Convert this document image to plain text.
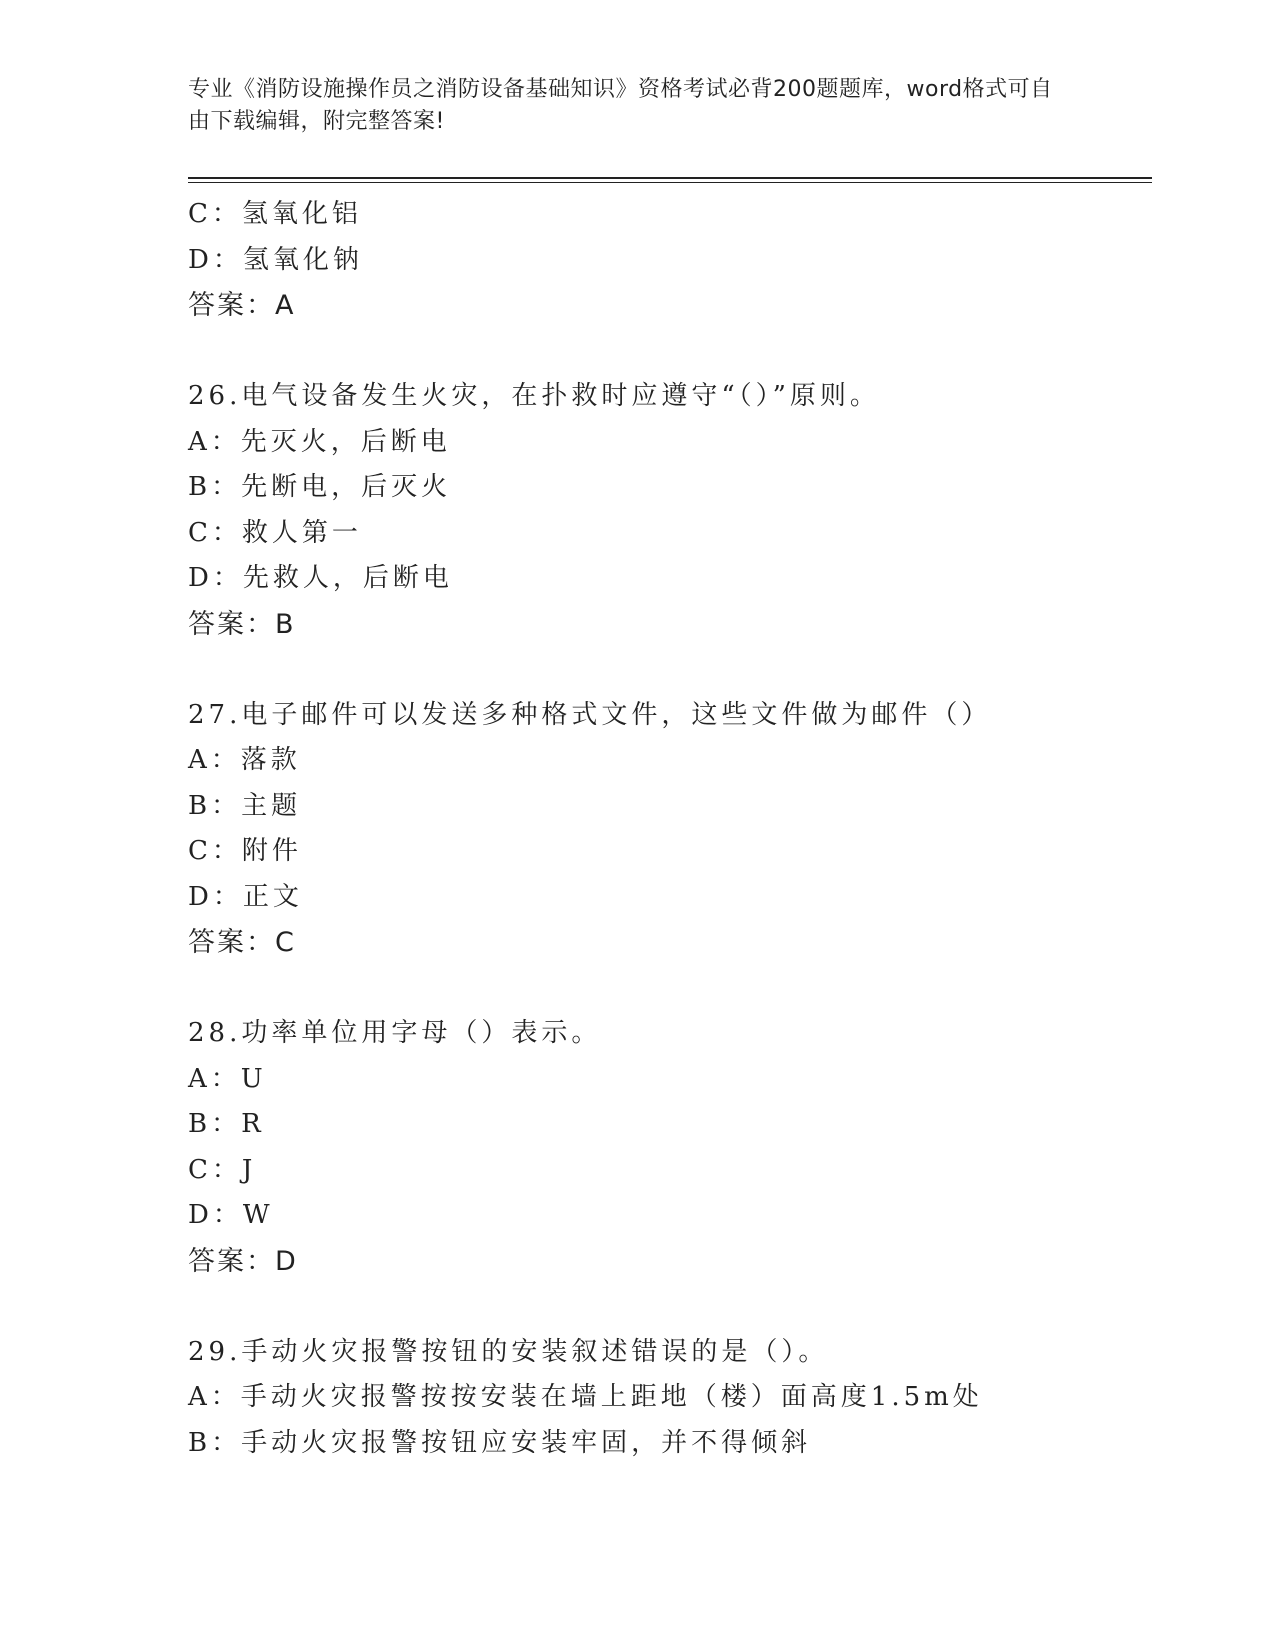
专业《消防设施操作员之消防设备基础知识》资格考试必背200题题库，word格式可自由下载编辑，附完整答案!
C：氢氧化铝
D：氢氧化钠
答案：A
26.电气设备发生火灾，在扑救时应遵守“（）”原则。
A：先灭火，后断电
B：先断电，后灭火
C：救人第一
D：先救人，后断电
答案：B
27.电子邮件可以发送多种格式文件，这些文件做为邮件（）
A：落款
B：主题
C：附件
D：正文
答案：C
28.功率单位用字母（）表示。
A：U
B：R
C：J
D：W
答案：D
29.手动火灾报警按钮的安装叙述错误的是（）。
A：手动火灾报警按按安装在墙上距地（楼）面高度1.5m处
B：手动火灾报警按钮应安装牢固，并不得倾斜
